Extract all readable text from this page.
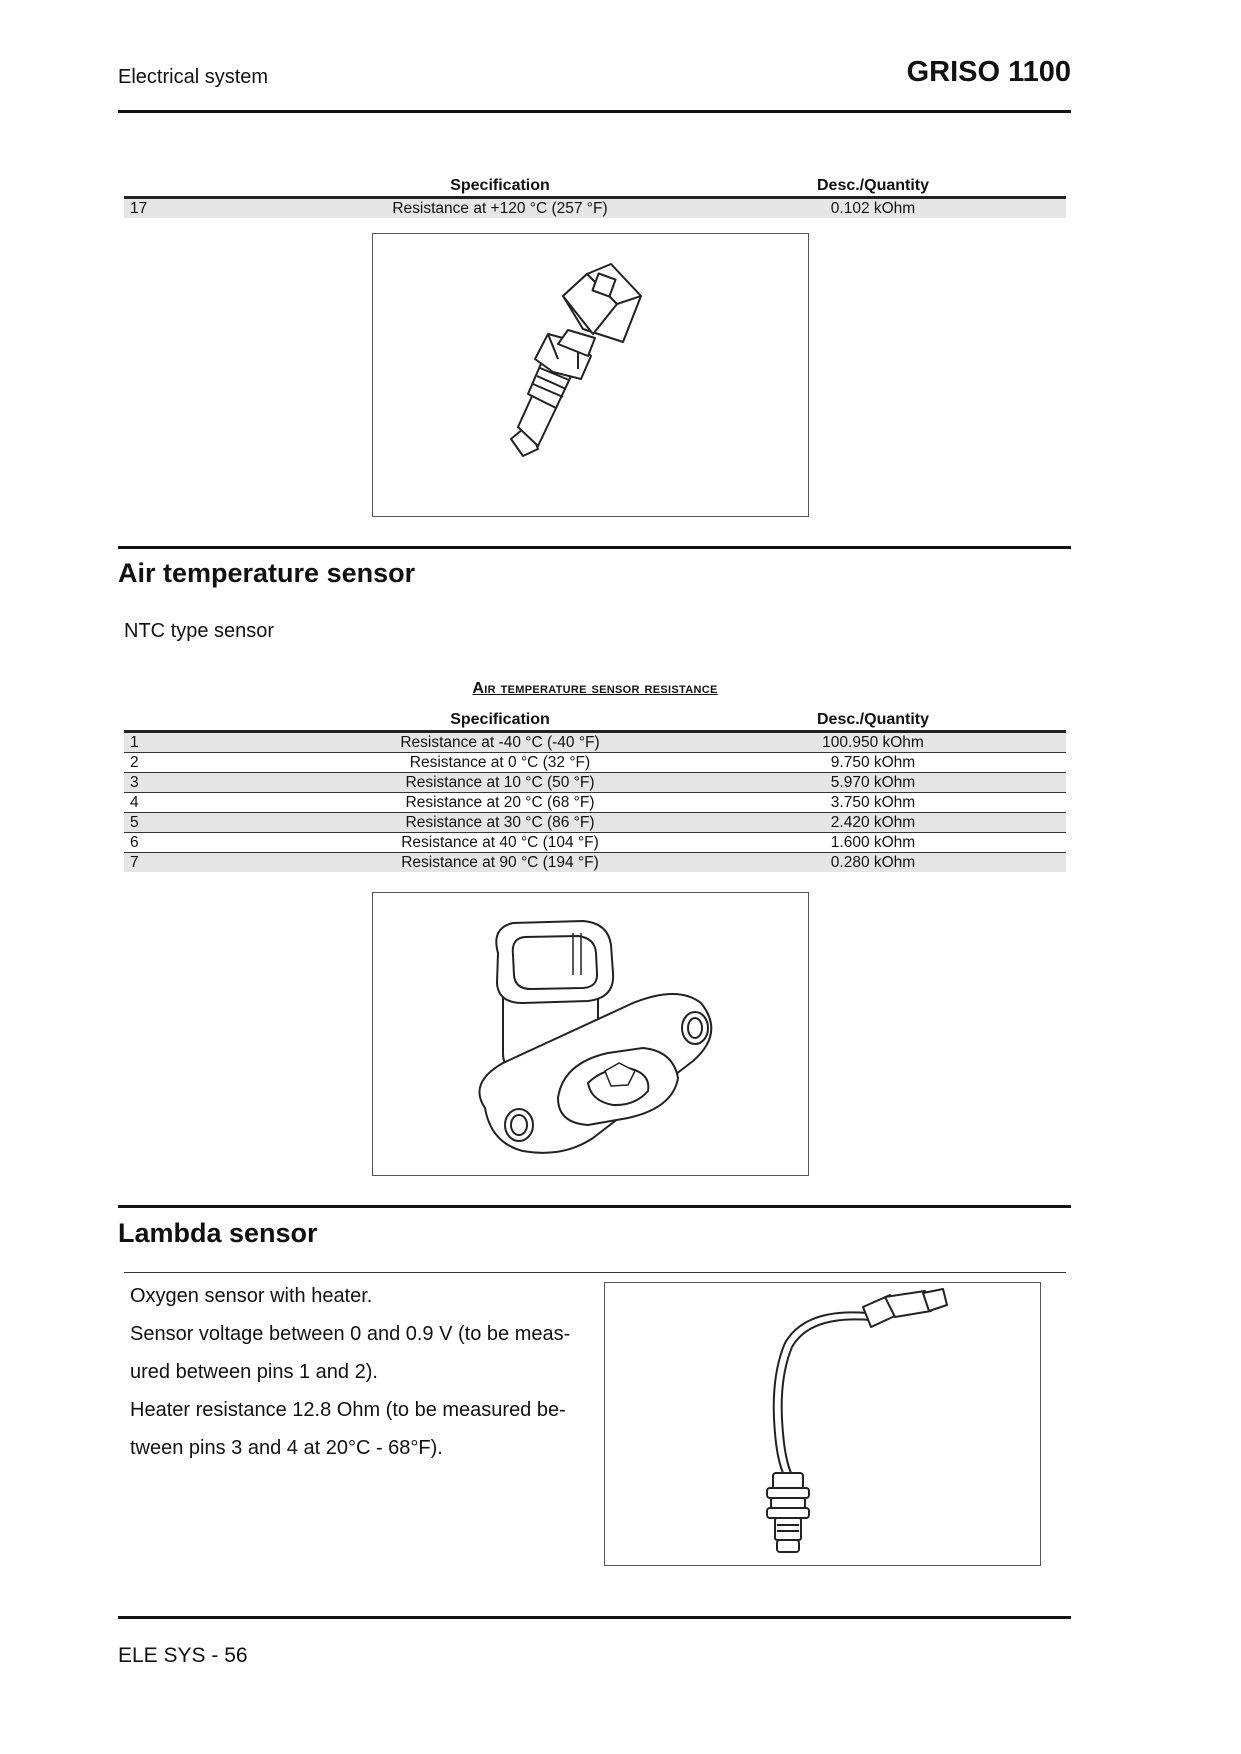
Electrical system	GRISO 1100
	Specification	Desc./Quantity
17	Resistance at +120 °C (257 °F)	0.102 kOhm
Air temperature sensor
NTC type sensor
Air temperature sensor resistance
	Specification	Desc./Quantity
1	Resistance at -40 °C (-40 °F)	100.950 kOhm
2	Resistance at 0 °C (32 °F)	9.750 kOhm
3	Resistance at 10 °C (50 °F)	5.970 kOhm
4	Resistance at 20 °C (68 °F)	3.750 kOhm
5	Resistance at 30 °C (86 °F)	2.420 kOhm
6	Resistance at 40 °C (104 °F)	1.600 kOhm
7	Resistance at 90 °C (194 °F)	0.280 kOhm
Lambda sensor

Oxygen sensor with heater.

Sensor voltage between 0 and 0.9 V (to be meas-

ured between pins 1 and 2).

Heater resistance 12.8 Ohm (to be measured be-

tween pins 3 and 4 at 20°C - 68°F).

ELE SYS - 56
